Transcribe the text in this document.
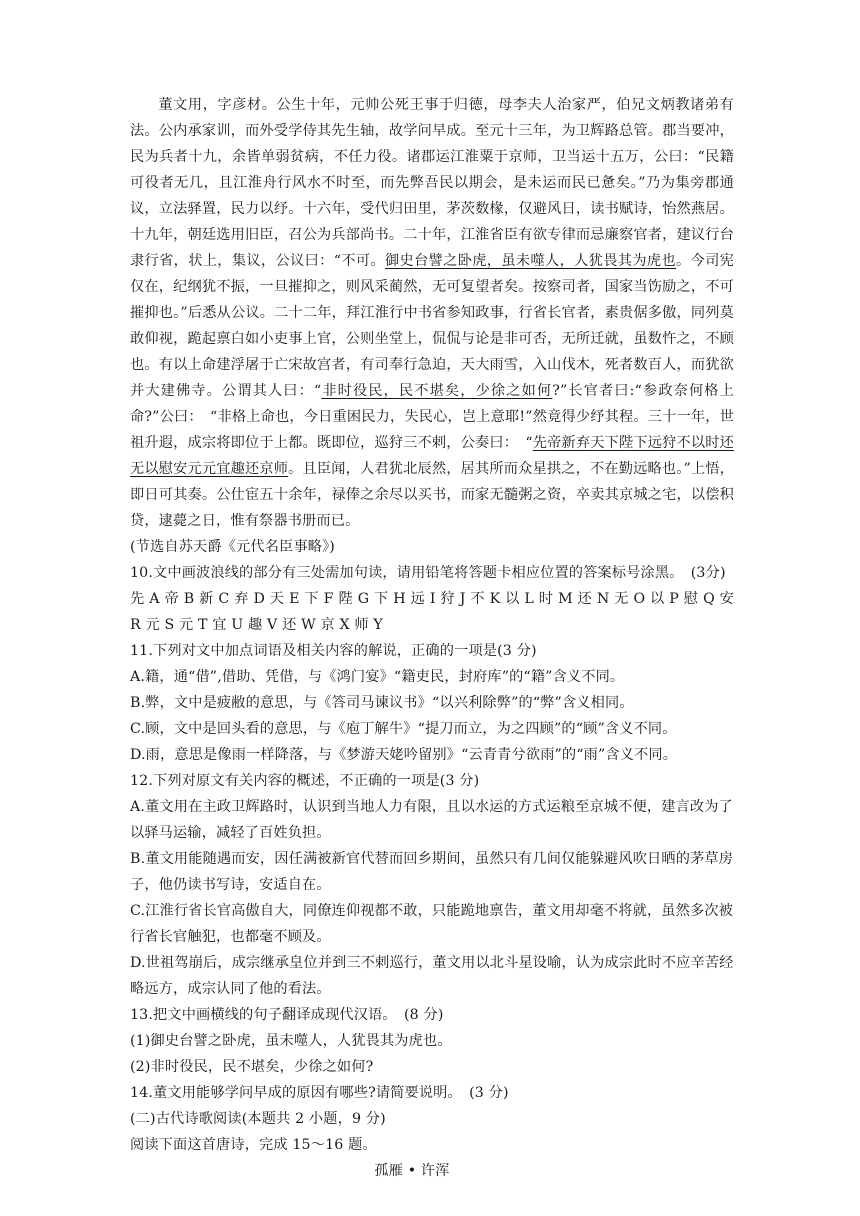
董文用，字彦材。公生十年，元帅公死王事于归德，母李夫人治家严，伯兄文炳教诸弟有法。公内承家训，而外受学侍其先生轴，故学问早成。至元十三年，为卫辉路总管。郡当要冲，民为兵者十九，余皆单弱贫病，不任力役。诸郡运江淮粟于京师，卫当运十五万，公曰：“民籍可役者无几，且江淮舟行风水不时至，而先弊吾民以期会，是未运而民已惫矣。”乃为集旁郡通议，立法驿置，民力以纾。十六年，受代归田里，茅茨数椽，仅避风日，读书赋诗，怡然燕居。十九年，朝廷选用旧臣，召公为兵部尚书。二十年，江淮省臣有欲专律而忌廉察官者，建议行台隶行省，状上，集议，公议曰：“不可。御史台譬之卧虎，虽未噬人，人犹畏其为虎也。今司宪仅在，纪纲犹不振，一旦摧抑之，则风采蔺然，无可复望者矣。按察司者，国家当饬励之，不可摧抑也。”后悉从公议。二十二年，拜江淮行中书省参知政事，行省长官者，素贵倨多傲，同列莫敢仰视，跪起禀白如小吏事上官，公则坐堂上，侃侃与论是非可否，无所迁就，虽数忤之，不顾也。有以上命建浮屠于亡宋故宫者，有司奉行急迫，天大雨雪，入山伐木，死者数百人，而犹欲并大建佛寺。公谓其人曰：“非时役民，民不堪矣，少徐之如何?”长官者曰:“参政奈何格上命?”公曰：　“非格上命也，今日重困民力，失民心，岂上意耶!”然竟得少纾其程。三十一年，世祖升遐，成宗将即位于上都。既即位，巡狩三不剌，公奏曰：　“先帝新弃天下陛下远狩不以时还无以慰安元元宜趣还京师。且臣闻，人君犹北辰然，居其所而众星拱之，不在勤远略也。”上悟，即日可其奏。公仕宦五十余年，禄俸之余尽以买书，而家无髓粥之资，卒卖其京城之宅，以偿积贷，逮薨之日，惟有祭器书册而已。

(节选自苏天爵《元代名臣事略》)

10.文中画波浪线的部分有三处需加句读，请用铅笔将答题卡相应位置的答案标号涂黑。　(3分)

先 A 帝 B 新 C 弃 D 天 E 下 F 陛 G 下 H 远 I 狩 J 不 K 以 L 时 M 还 N 无 O 以 P 慰 Q 安 R 元 S 元 T 宜 U 趣 V 还 W 京 X 师 Y

11.下列对文中加点词语及相关内容的解说，正确的一项是(3 分)

A.籍，通“借”,借助、凭借，与《鸿门宴》“籍吏民，封府库”的“籍”含义不同。

B.弊，文中是疲敝的意思，与《答司马谏议书》“以兴利除弊”的“弊”含义相同。

C.顾，文中是回头看的意思，与《庖丁解牛》“提刀而立，为之四顾”的“顾”含义不同。

D.雨，意思是像雨一样降落，与《梦游天姥吟留别》“云青青兮欲雨”的“雨”含义不同。

12.下列对原文有关内容的概述，不正确的一项是(3 分)

A.董文用在主政卫辉路时，认识到当地人力有限，且以水运的方式运粮至京城不便，建言改为了以驿马运输，减轻了百姓负担。

B.董文用能随遇而安，因任满被新官代替而回乡期间，虽然只有几间仅能躲避风吹日晒的茅草房子，他仍读书写诗，安适自在。

C.江淮行省长官高傲自大，同僚连仰视都不敢，只能跪地禀告，董文用却毫不将就，虽然多次被行省长官触犯，也都毫不顾及。

D.世祖驾崩后，成宗继承皇位并到三不剌巡行，董文用以北斗星设喻，认为成宗此时不应辛苦经略远方，成宗认同了他的看法。

13.把文中画横线的句子翻译成现代汉语。　(8 分)

(1)御史台譬之卧虎，虽未噬人，人犹畏其为虎也。

(2)非时役民，民不堪矣，少徐之如何?

14.董文用能够学问早成的原因有哪些?请简要说明。　(3 分)

(二)古代诗歌阅读(本题共 2 小题，9 分)

阅读下面这首唐诗，完成 15～16 题。

孤雁 • 许浑
